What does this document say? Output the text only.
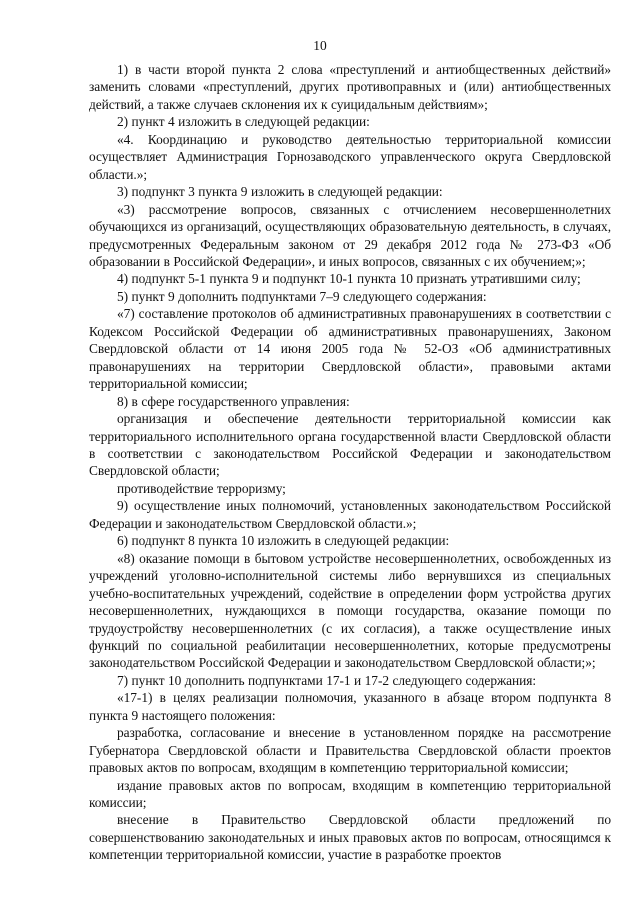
10

1) в части второй пункта 2 слова «преступлений и антиобщественных действий» заменить словами «преступлений, других противоправных и (или) антиобщественных действий, а также случаев склонения их к суицидальным действиям»;

2) пункт 4 изложить в следующей редакции:

«4. Координацию и руководство деятельностью территориальной комиссии осуществляет Администрация Горнозаводского управленческого округа Свердловской области.»;

3) подпункт 3 пункта 9 изложить в следующей редакции:

«3) рассмотрение вопросов, связанных с отчислением несовершеннолетних обучающихся из организаций, осуществляющих образовательную деятельность, в случаях, предусмотренных Федеральным законом от 29 декабря 2012 года № 273-ФЗ «Об образовании в Российской Федерации», и иных вопросов, связанных с их обучением;»;

4) подпункт 5-1 пункта 9 и подпункт 10-1 пункта 10 признать утратившими силу;

5) пункт 9 дополнить подпунктами 7–9 следующего содержания:

«7) составление протоколов об административных правонарушениях в соответствии с Кодексом Российской Федерации об административных правонарушениях, Законом Свердловской области от 14 июня 2005 года № 52-ОЗ «Об административных правонарушениях на территории Свердловской области», правовыми актами территориальной комиссии;

8) в сфере государственного управления:

организация и обеспечение деятельности территориальной комиссии как территориального исполнительного органа государственной власти Свердловской области в соответствии с законодательством Российской Федерации и законодательством Свердловской области;

противодействие терроризму;

9) осуществление иных полномочий, установленных законодательством Российской Федерации и законодательством Свердловской области.»;

6) подпункт 8 пункта 10 изложить в следующей редакции:

«8) оказание помощи в бытовом устройстве несовершеннолетних, освобожденных из учреждений уголовно-исполнительной системы либо вернувшихся из специальных учебно-воспитательных учреждений, содействие в определении форм устройства других несовершеннолетних, нуждающихся в помощи государства, оказание помощи по трудоустройству несовершеннолетних (с их согласия), а также осуществление иных функций по социальной реабилитации несовершеннолетних, которые предусмотрены законодательством Российской Федерации и законодательством Свердловской области;»;

7) пункт 10 дополнить подпунктами 17-1 и 17-2 следующего содержания:

«17-1) в целях реализации полномочия, указанного в абзаце втором подпункта 8 пункта 9 настоящего положения:

разработка, согласование и внесение в установленном порядке на рассмотрение Губернатора Свердловской области и Правительства Свердловской области проектов правовых актов по вопросам, входящим в компетенцию территориальной комиссии;

издание правовых актов по вопросам, входящим в компетенцию территориальной комиссии;

внесение в Правительство Свердловской области предложений по совершенствованию законодательных и иных правовых актов по вопросам, относящимся к компетенции территориальной комиссии, участие в разработке проектов
